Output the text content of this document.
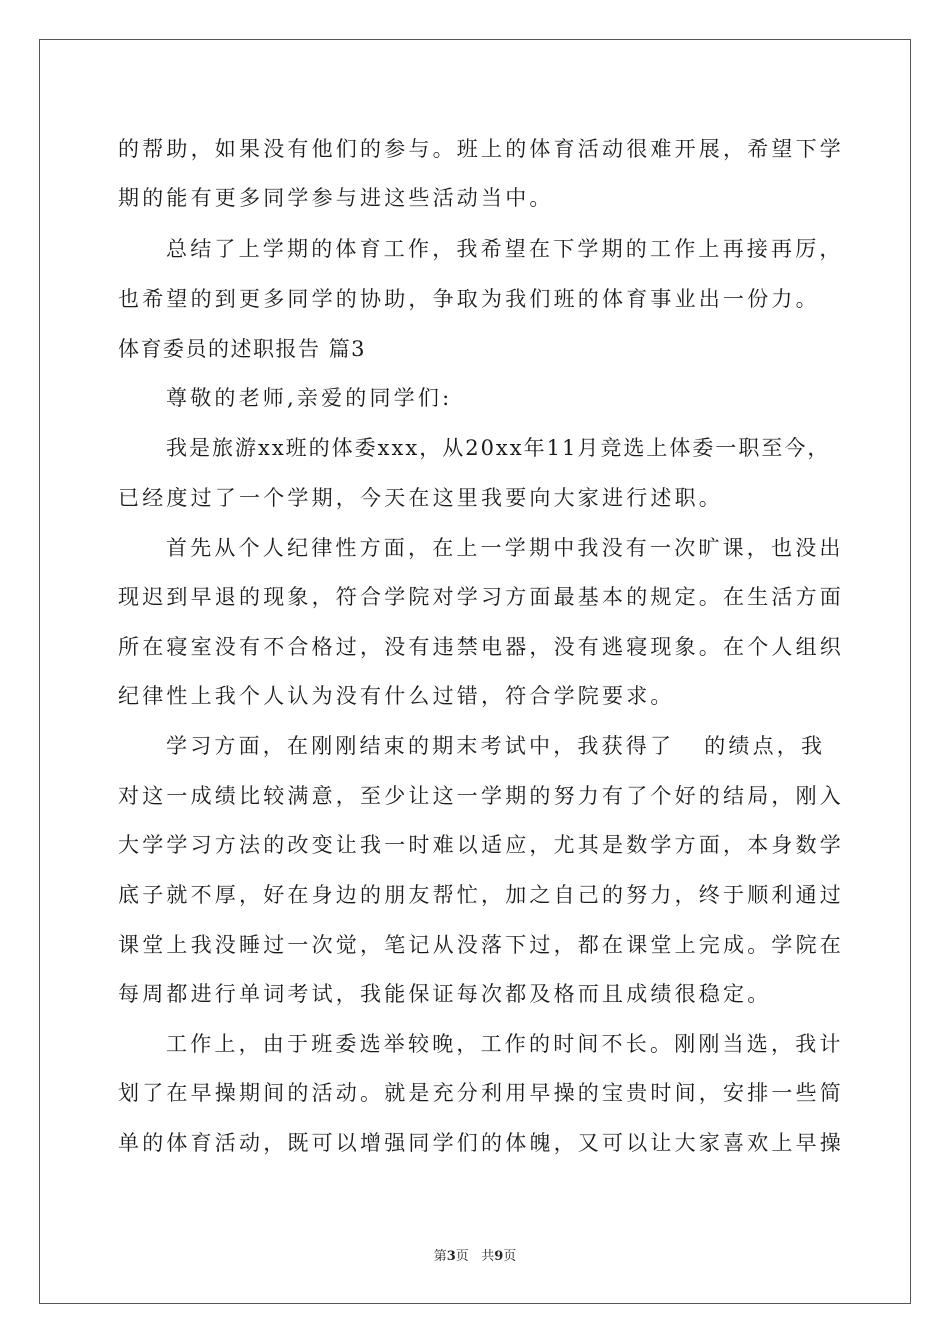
的帮助，如果没有他们的参与。班上的体育活动很难开展，希望下学
期的能有更多同学参与进这些活动当中。
总结了上学期的体育工作，我希望在下学期的工作上再接再厉，
也希望的到更多同学的协助，争取为我们班的体育事业出一份力。
体育委员的述职报告 篇3
尊敬的老师,亲爱的同学们:
我是旅游xx班的体委xxx，从20xx年11月竞选上体委一职至今，
已经度过了一个学期，今天在这里我要向大家进行述职。
首先从个人纪律性方面，在上一学期中我没有一次旷课，也没出
现迟到早退的现象，符合学院对学习方面最基本的规定。在生活方面
所在寝室没有不合格过，没有违禁电器，没有逃寝现象。在个人组织
纪律性上我个人认为没有什么过错，符合学院要求。
学习方面，在刚刚结束的期末考试中，我获得了 的绩点，我
对这一成绩比较满意，至少让这一学期的努力有了个好的结局，刚入
大学学习方法的改变让我一时难以适应，尤其是数学方面，本身数学
底子就不厚，好在身边的朋友帮忙，加之自己的努力，终于顺利通过
课堂上我没睡过一次觉，笔记从没落下过，都在课堂上完成。学院在
每周都进行单词考试，我能保证每次都及格而且成绩很稳定。
工作上，由于班委选举较晚，工作的时间不长。刚刚当选，我计
划了在早操期间的活动。就是充分利用早操的宝贵时间，安排一些简
单的体育活动，既可以增强同学们的体魄，又可以让大家喜欢上早操
第3页   共9页
